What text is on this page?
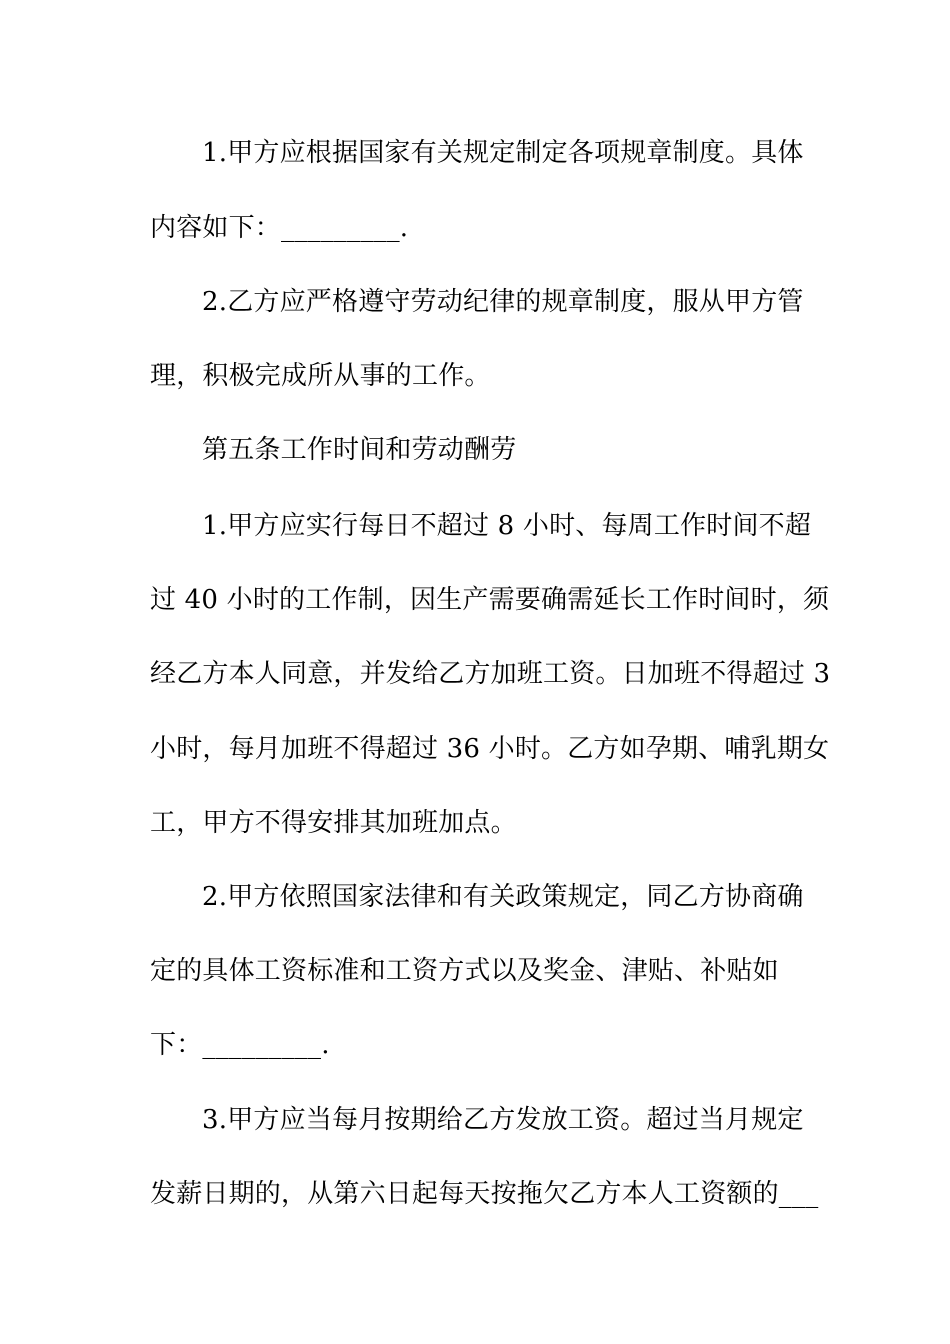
1.甲方应根据国家有关规定制定各项规章制度。具体
内容如下：_________.
2.乙方应严格遵守劳动纪律的规章制度，服从甲方管
理，积极完成所从事的工作。
第五条工作时间和劳动酬劳
1.甲方应实行每日不超过 8 小时、每周工作时间不超
过 40 小时的工作制，因生产需要确需延长工作时间时，须
经乙方本人同意，并发给乙方加班工资。日加班不得超过 3
小时，每月加班不得超过 36 小时。乙方如孕期、哺乳期女
工，甲方不得安排其加班加点。
2.甲方依照国家法律和有关政策规定，同乙方协商确
定的具体工资标准和工资方式以及奖金、津贴、补贴如
下：_________.
3.甲方应当每月按期给乙方发放工资。超过当月规定
发薪日期的，从第六日起每天按拖欠乙方本人工资额的___
